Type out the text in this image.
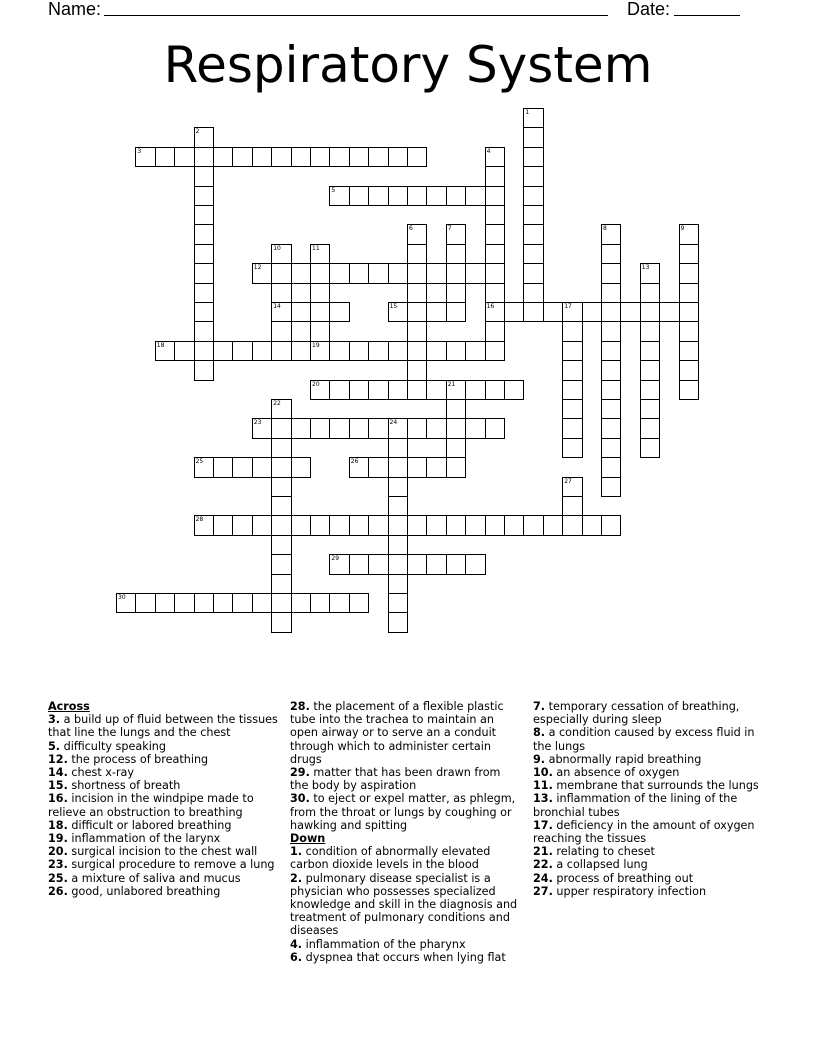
Name:	Date:
Respiratory System
1
2
3	4
16
5
6	7	8	9
10
14
11
19
12	13
15	17
18
20	21
22
23	24
25	26
27
28
29
30
Across
3. a build up of fluid between the tissues that line the lungs and the chest
5. difficulty speaking
12. the process of breathing
14. chest x-ray
15. shortness of breath
16. incision in the windpipe made to relieve an obstruction to breathing
18. difficult or labored breathing
19. inflammation of the larynx
20. surgical incision to the chest wall
23. surgical procedure to remove a lung
25. a mixture of saliva and mucus
26. good, unlabored breathing
28. the placement of a flexible plastic tube into the trachea to maintain an open airway or to serve an a conduit through which to administer certain drugs
29. matter that has been drawn from the body by aspiration
30. to eject or expel matter, as phlegm, from the throat or lungs by coughing or hawking and spitting
Down
1. condition of abnormally elevated carbon dioxide levels in the blood
2. pulmonary disease specialist is a physician who possesses specialized knowledge and skill in the diagnosis and treatment of pulmonary conditions and diseases
4. inflammation of the pharynx
6. dyspnea that occurs when lying flat
7. temporary cessation of breathing, especially during sleep
8. a condition caused by excess fluid in the lungs
9. abnormally rapid breathing
10. an absence of oxygen
11. membrane that surrounds the lungs
13. inflammation of the lining of the bronchial tubes
17. deficiency in the amount of oxygen reaching the tissues
21. relating to cheset
22. a collapsed lung
24. process of breathing out
27. upper respiratory infection
